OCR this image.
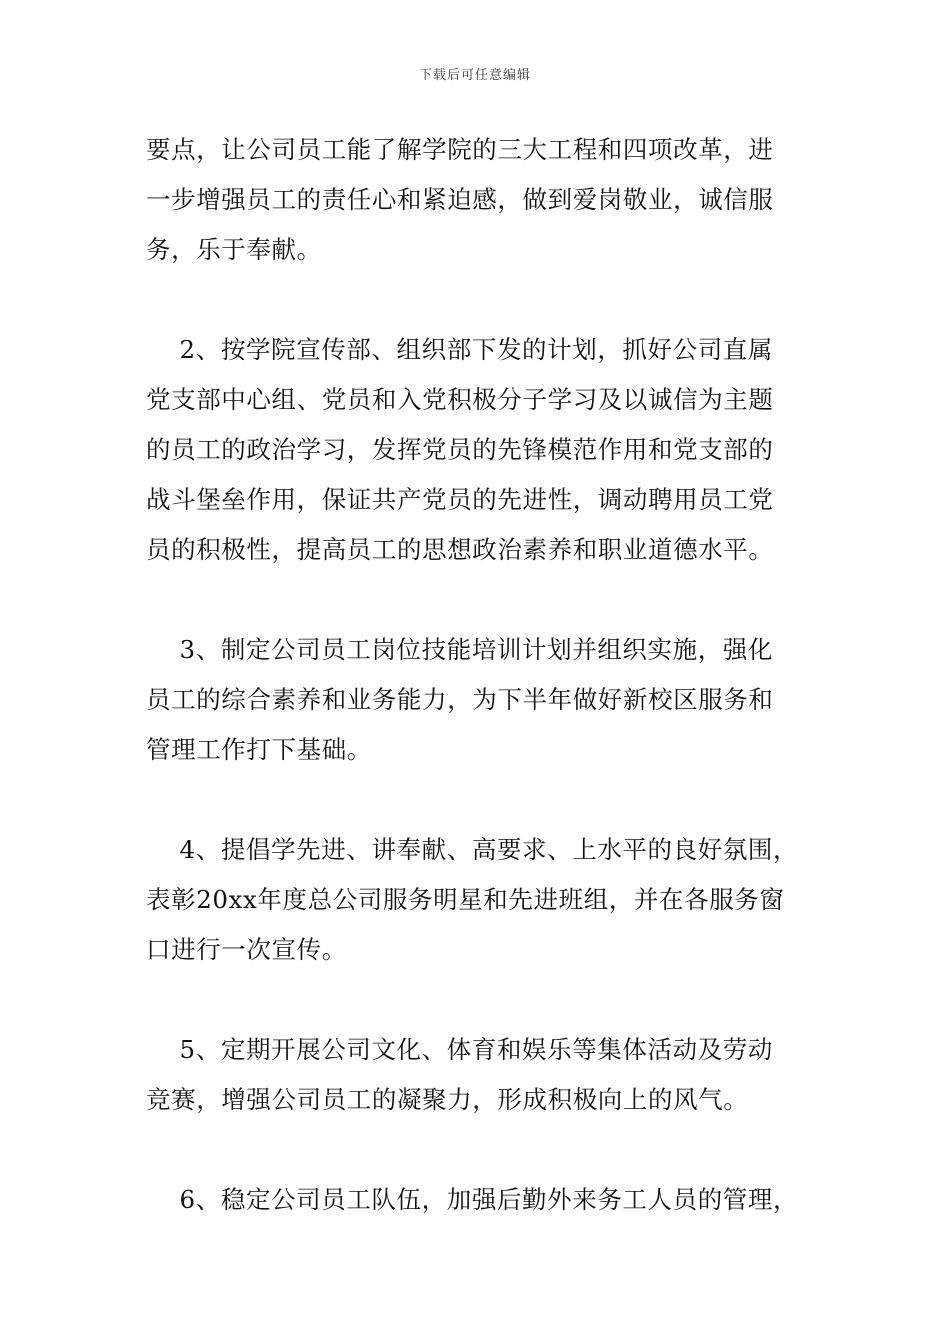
下载后可任意编辑
要点，让公司员工能了解学院的三大工程和四项改革，进
一步增强员工的责任心和紧迫感，做到爱岗敬业，诚信服
务，乐于奉献。
2、按学院宣传部、组织部下发的计划，抓好公司直属
党支部中心组、党员和入党积极分子学习及以诚信为主题
的员工的政治学习，发挥党员的先锋模范作用和党支部的
战斗堡垒作用，保证共产党员的先进性，调动聘用员工党
员的积极性，提高员工的思想政治素养和职业道德水平。
3、制定公司员工岗位技能培训计划并组织实施，强化
员工的综合素养和业务能力，为下半年做好新校区服务和
管理工作打下基础。
4、提倡学先进、讲奉献、高要求、上水平的良好氛围，
表彰20xx年度总公司服务明星和先进班组，并在各服务窗
口进行一次宣传。
5、定期开展公司文化、体育和娱乐等集体活动及劳动
竞赛，增强公司员工的凝聚力，形成积极向上的风气。
6、稳定公司员工队伍，加强后勤外来务工人员的管理，
